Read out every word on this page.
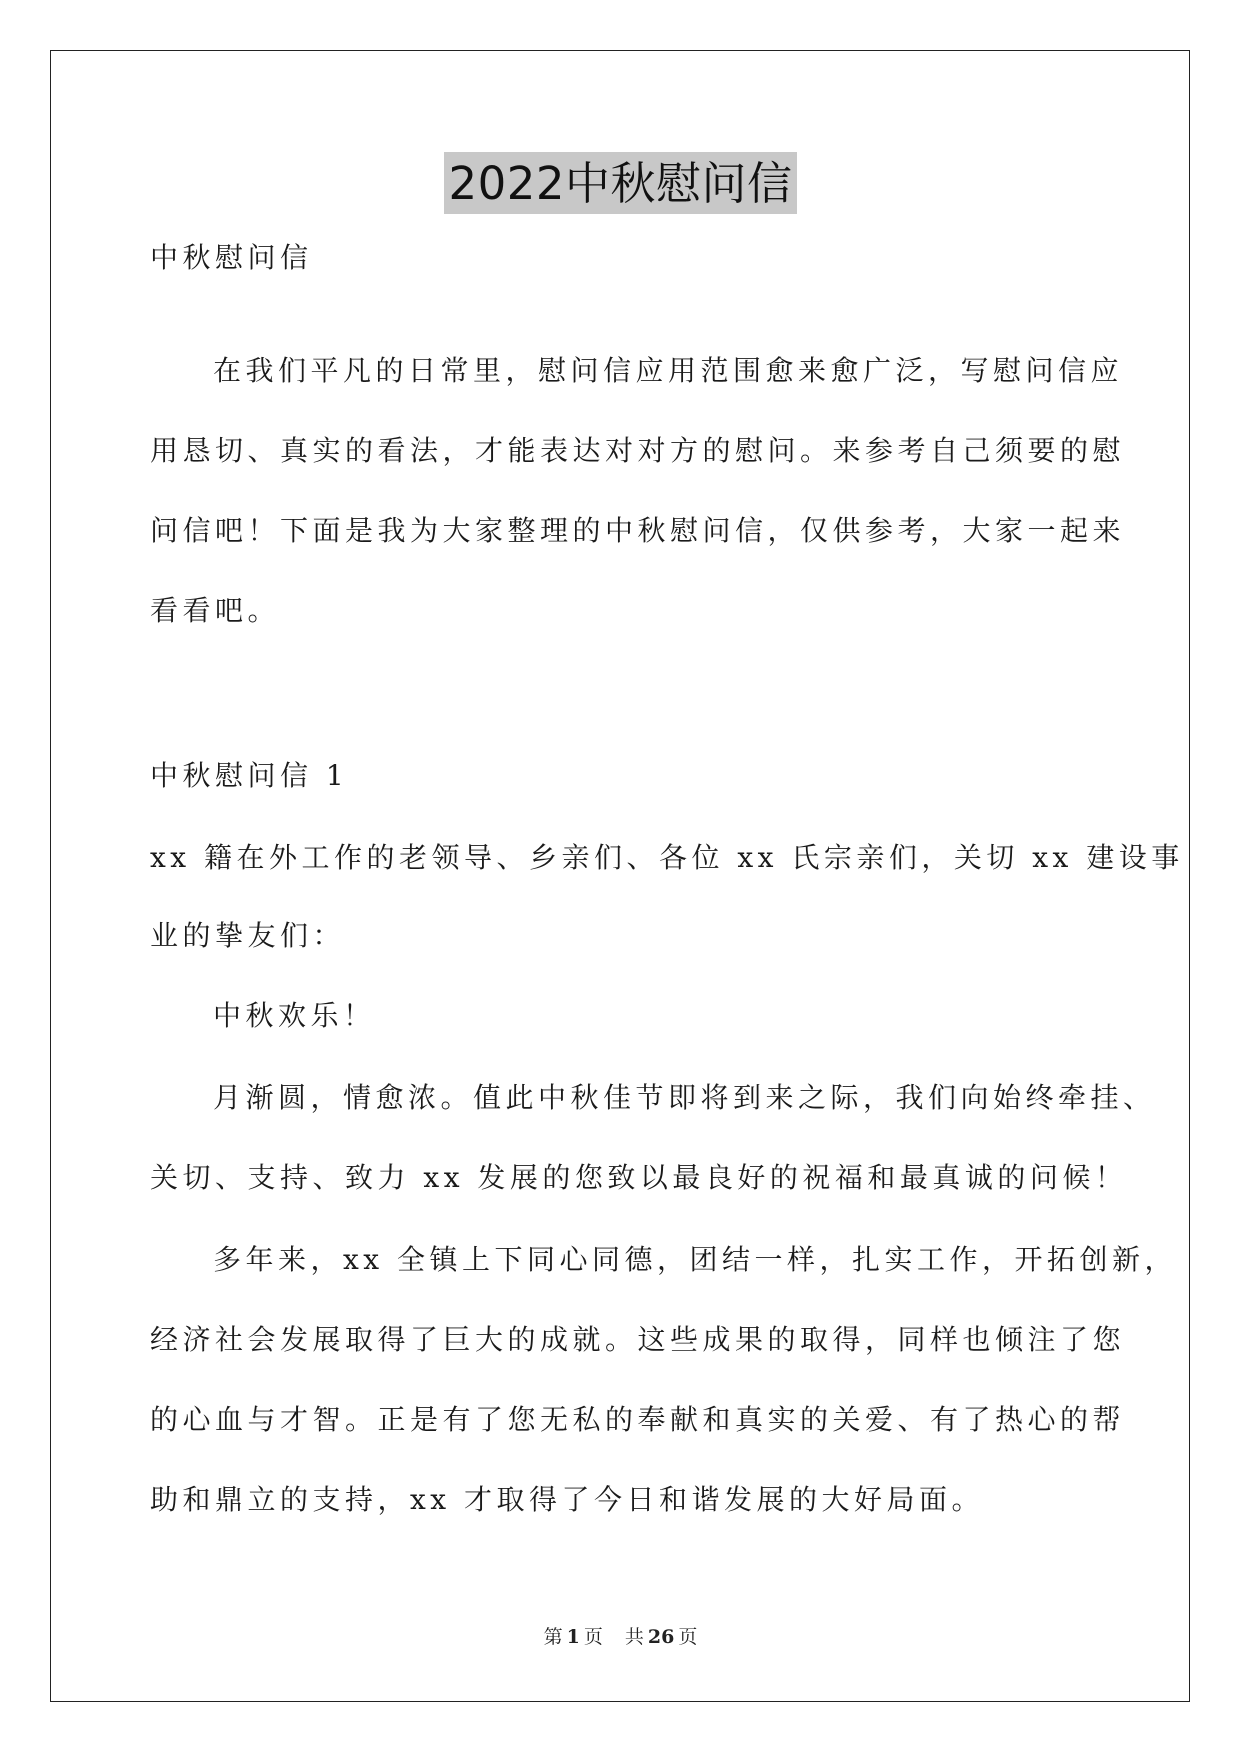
2022中秋慰问信
中秋慰问信
在我们平凡的日常里，慰问信应用范围愈来愈广泛，写慰问信应
用恳切、真实的看法，才能表达对对方的慰问。来参考自己须要的慰
问信吧！下面是我为大家整理的中秋慰问信，仅供参考，大家一起来
看看吧。
中秋慰问信 1
xx 籍在外工作的老领导、乡亲们、各位 xx 氏宗亲们，关切 xx 建设事
业的挚友们：
中秋欢乐！
月渐圆，情愈浓。值此中秋佳节即将到来之际，我们向始终牵挂、
关切、支持、致力 xx 发展的您致以最良好的祝福和最真诚的问候！
多年来，xx 全镇上下同心同德，团结一样，扎实工作，开拓创新，
经济社会发展取得了巨大的成就。这些成果的取得，同样也倾注了您
的心血与才智。正是有了您无私的奉献和真实的关爱、有了热心的帮
助和鼎立的支持，xx 才取得了今日和谐发展的大好局面。
第 1 页 共 26 页
